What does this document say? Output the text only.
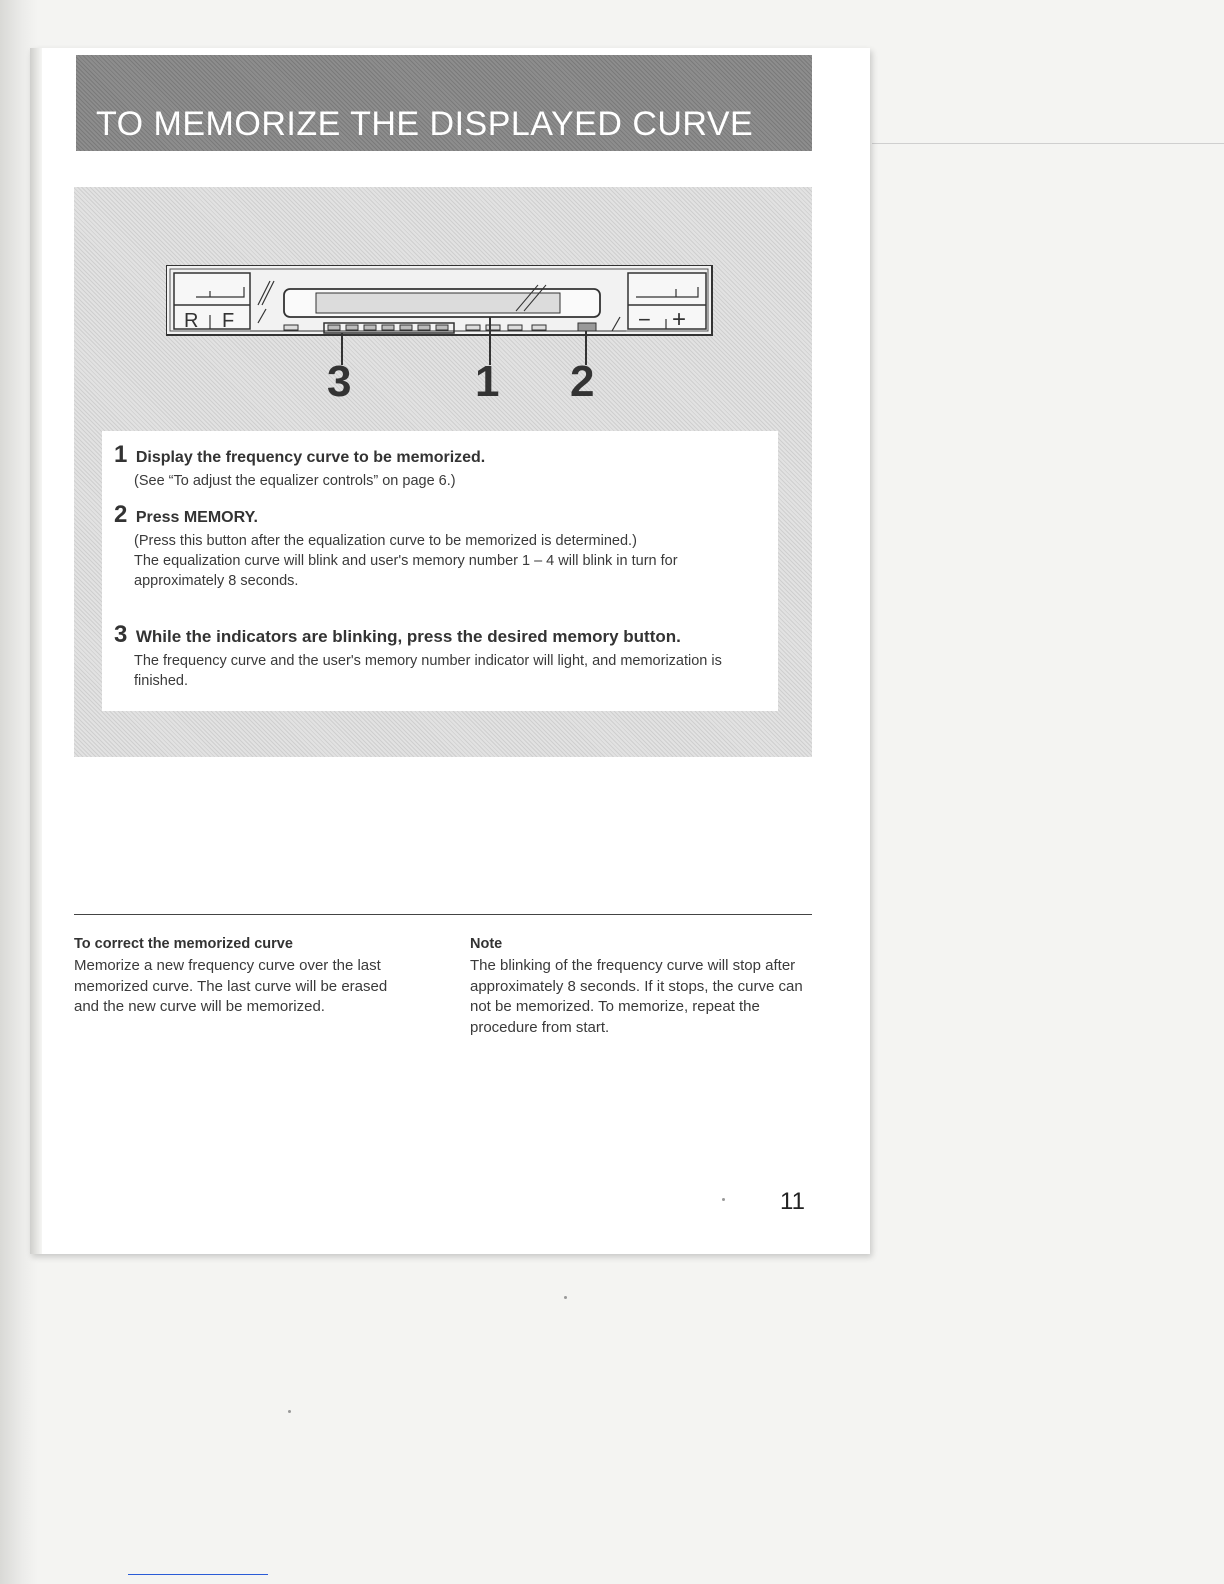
TO MEMORIZE THE DISPLAYED CURVE
R F	− +
3	1 2
1 Display the frequency curve to be memorized.
(See “To adjust the equalizer controls” on page 6.)
2 Press MEMORY.
(Press this button after the equalization curve to be memorized is determined.)
The equalization curve will blink and user's memory number 1 – 4 will blink in turn for approximately 8 seconds.
3 While the indicators are blinking, press the desired memory button.
The frequency curve and the user's memory number indicator will light, and memorization is finished.
To correct the memorized curve

Memorize a new frequency curve over the last memorized curve. The last curve will be erased and the new curve will be memorized.

Note

The blinking of the frequency curve will stop after approximately 8 seconds. If it stops, the curve can not be memorized. To memorize, repeat the procedure from start.

11
